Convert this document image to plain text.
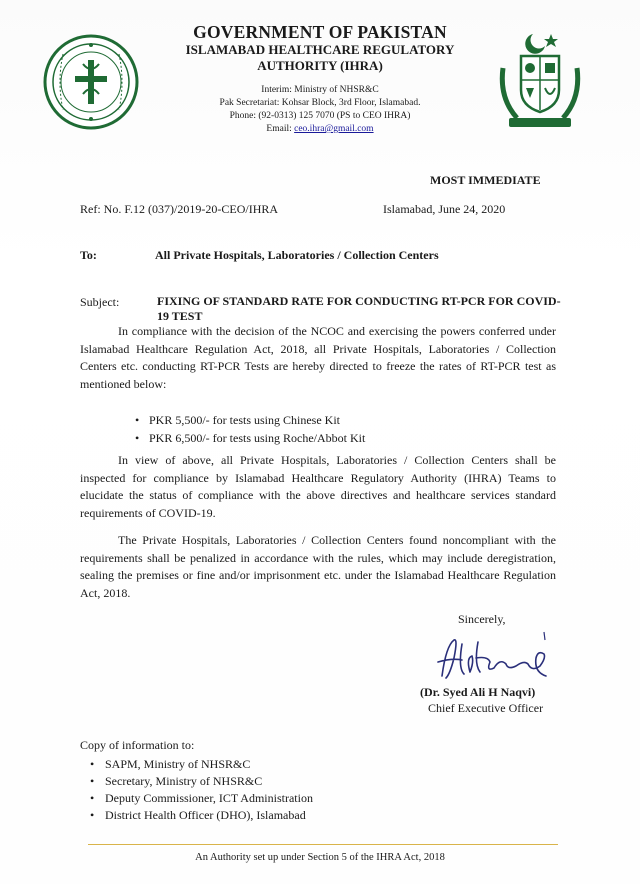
GOVERNMENT OF PAKISTAN
ISLAMABAD HEALTHCARE REGULATORY
AUTHORITY (IHRA)
Interim: Ministry of NHSR&C
Pak Secretariat: Kohsar Block, 3rd Floor, Islamabad.
Phone: (92-0313) 125 7070 (PS to CEO IHRA)
Email: ceo.ihra@gmail.com
MOST IMMEDIATE
Ref: No. F.12 (037)/2019-20-CEO/IHRA	Islamabad, June 24, 2020
To:	All Private Hospitals, Laboratories / Collection Centers
Subject:	FIXING OF STANDARD RATE FOR CONDUCTING RT-PCR FOR COVID-19 TEST
In compliance with the decision of the NCOC and exercising the powers conferred under Islamabad Healthcare Regulation Act, 2018, all Private Hospitals, Laboratories / Collection Centers etc. conducting RT-PCR Tests are hereby directed to freeze the rates of RT-PCR test as mentioned below:
• PKR 5,500/- for tests using Chinese Kit
• PKR 6,500/- for tests using Roche/Abbot Kit
In view of above, all Private Hospitals, Laboratories / Collection Centers shall be inspected for compliance by Islamabad Healthcare Regulatory Authority (IHRA) Teams to elucidate the status of compliance with the above directives and healthcare services standard requirements of COVID-19.
The Private Hospitals, Laboratories / Collection Centers found noncompliant with the requirements shall be penalized in accordance with the rules, which may include deregistration, sealing the premises or fine and/or imprisonment etc. under the Islamabad Healthcare Regulation Act, 2018.
Sincerely,
(Dr. Syed Ali H Naqvi)
Chief Executive Officer
Copy of information to:
• SAPM, Ministry of NHSR&C
• Secretary, Ministry of NHSR&C
• Deputy Commissioner, ICT Administration
• District Health Officer (DHO), Islamabad
An Authority set up under Section 5 of the IHRA Act, 2018
